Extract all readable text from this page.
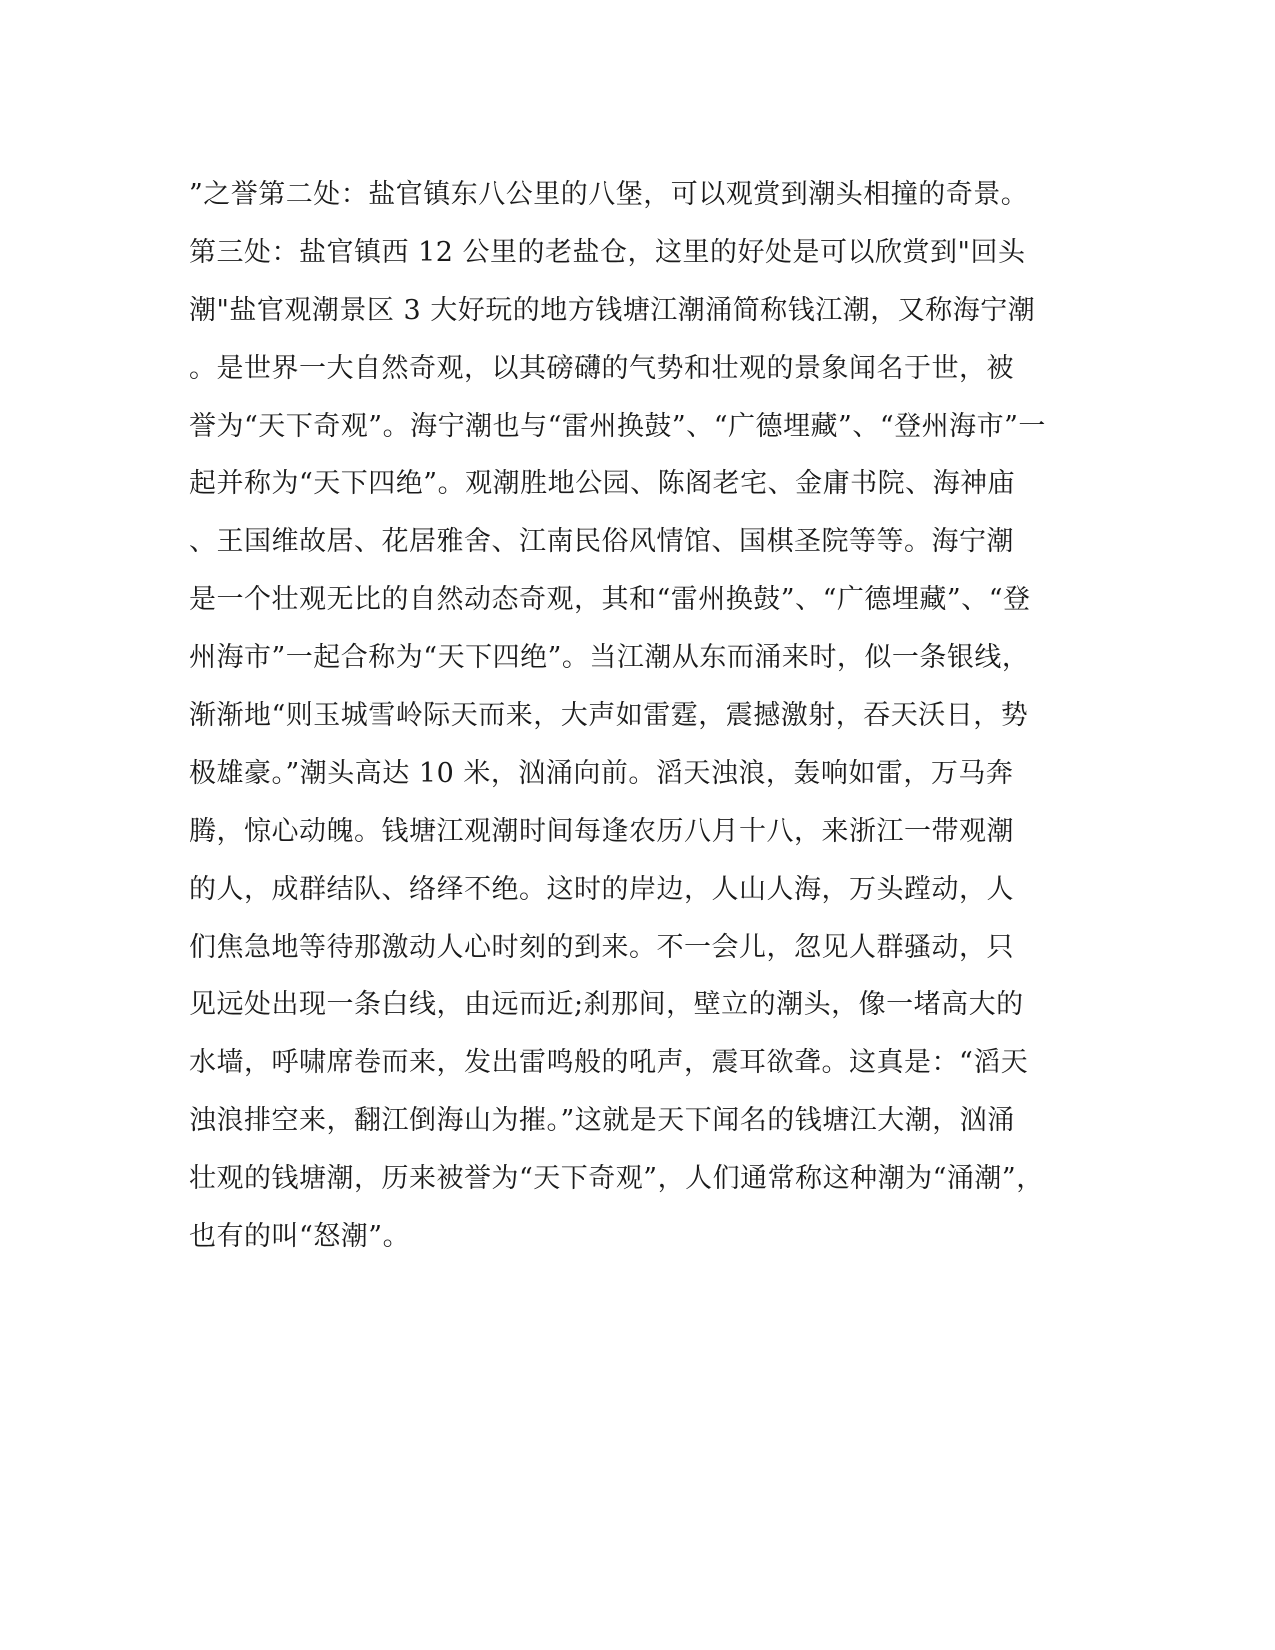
”之誉第二处：盐官镇东八公里的八堡，可以观赏到潮头相撞的奇景。
第三处：盐官镇西 12 公里的老盐仓，这里的好处是可以欣赏到"回头
潮"盐官观潮景区 3 大好玩的地方钱塘江潮涌简称钱江潮，又称海宁潮
。是世界一大自然奇观，以其磅礴的气势和壮观的景象闻名于世，被
誉为“天下奇观”。海宁潮也与“雷州换鼓”、“广德埋藏”、“登州海市”一
起并称为“天下四绝”。观潮胜地公园、陈阁老宅、金庸书院、海神庙
、王国维故居、花居雅舍、江南民俗风情馆、国棋圣院等等。海宁潮
是一个壮观无比的自然动态奇观，其和“雷州换鼓”、“广德埋藏”、“登
州海市”一起合称为“天下四绝”。当江潮从东而涌来时，似一条银线，
渐渐地“则玉城雪岭际天而来，大声如雷霆，震撼激射，吞天沃日，势
极雄豪。”潮头高达 10 米，汹涌向前。滔天浊浪，轰响如雷，万马奔
腾，惊心动魄。钱塘江观潮时间每逢农历八月十八，来浙江一带观潮
的人，成群结队、络绎不绝。这时的岸边，人山人海，万头蹚动，人
们焦急地等待那激动人心时刻的到来。不一会儿，忽见人群骚动，只
见远处出现一条白线，由远而近;刹那间，壁立的潮头，像一堵高大的
水墙，呼啸席卷而来，发出雷鸣般的吼声，震耳欲聋。这真是：“滔天
浊浪排空来，翻江倒海山为摧。”这就是天下闻名的钱塘江大潮，汹涌
壮观的钱塘潮，历来被誉为“天下奇观”，人们通常称这种潮为“涌潮”，
也有的叫“怒潮”。
